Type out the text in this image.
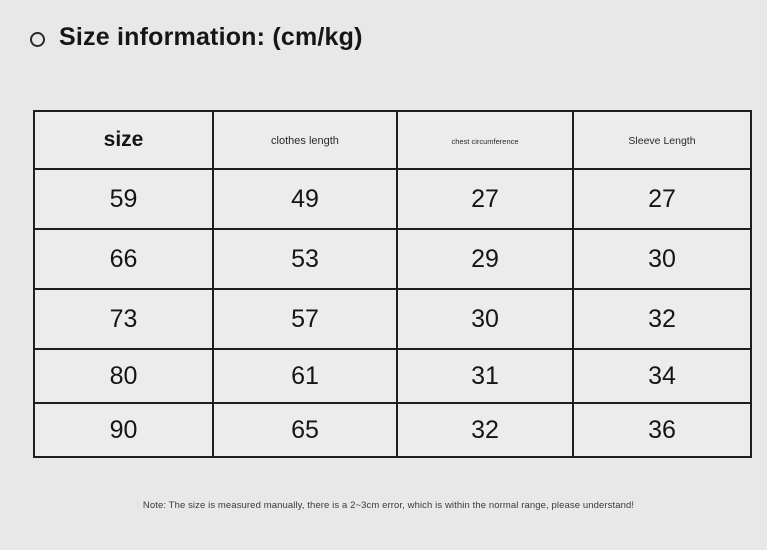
Size information: (cm/kg)
size	clothes length	chest circumference	Sleeve Length
59	49	27	27
66	53	29	30
73	57	30	32
80	61	31	34
90	65	32	36
\ Note: The size is measured manually, there is a 2~3cm error, which is within the normal range, please understand!
